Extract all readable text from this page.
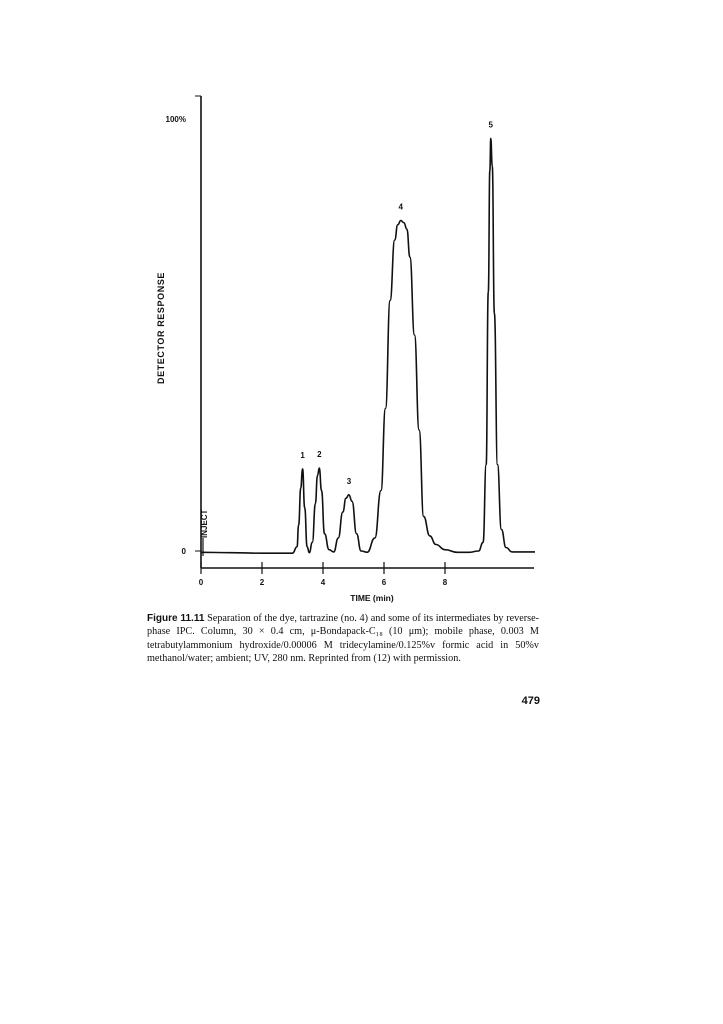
DETECTOR RESPONSE
TIME (min)
INJECT
0
100%
0	2	4	6	8
1 2
3
4
5
Figure 11.11 Separation of the dye, tartrazine (no. 4) and some of its intermediates by reverse-phase IPC. Column, 30 × 0.4 cm, μ-Bondapack-C₁₈ (10 μm); mobile phase, 0.003 M tetrabutylammonium hydroxide/0.00006 M tridecylamine/0.125%v formic acid in 50%v methanol/water; ambient; UV, 280 nm. Reprinted from (12) with permission.
479
